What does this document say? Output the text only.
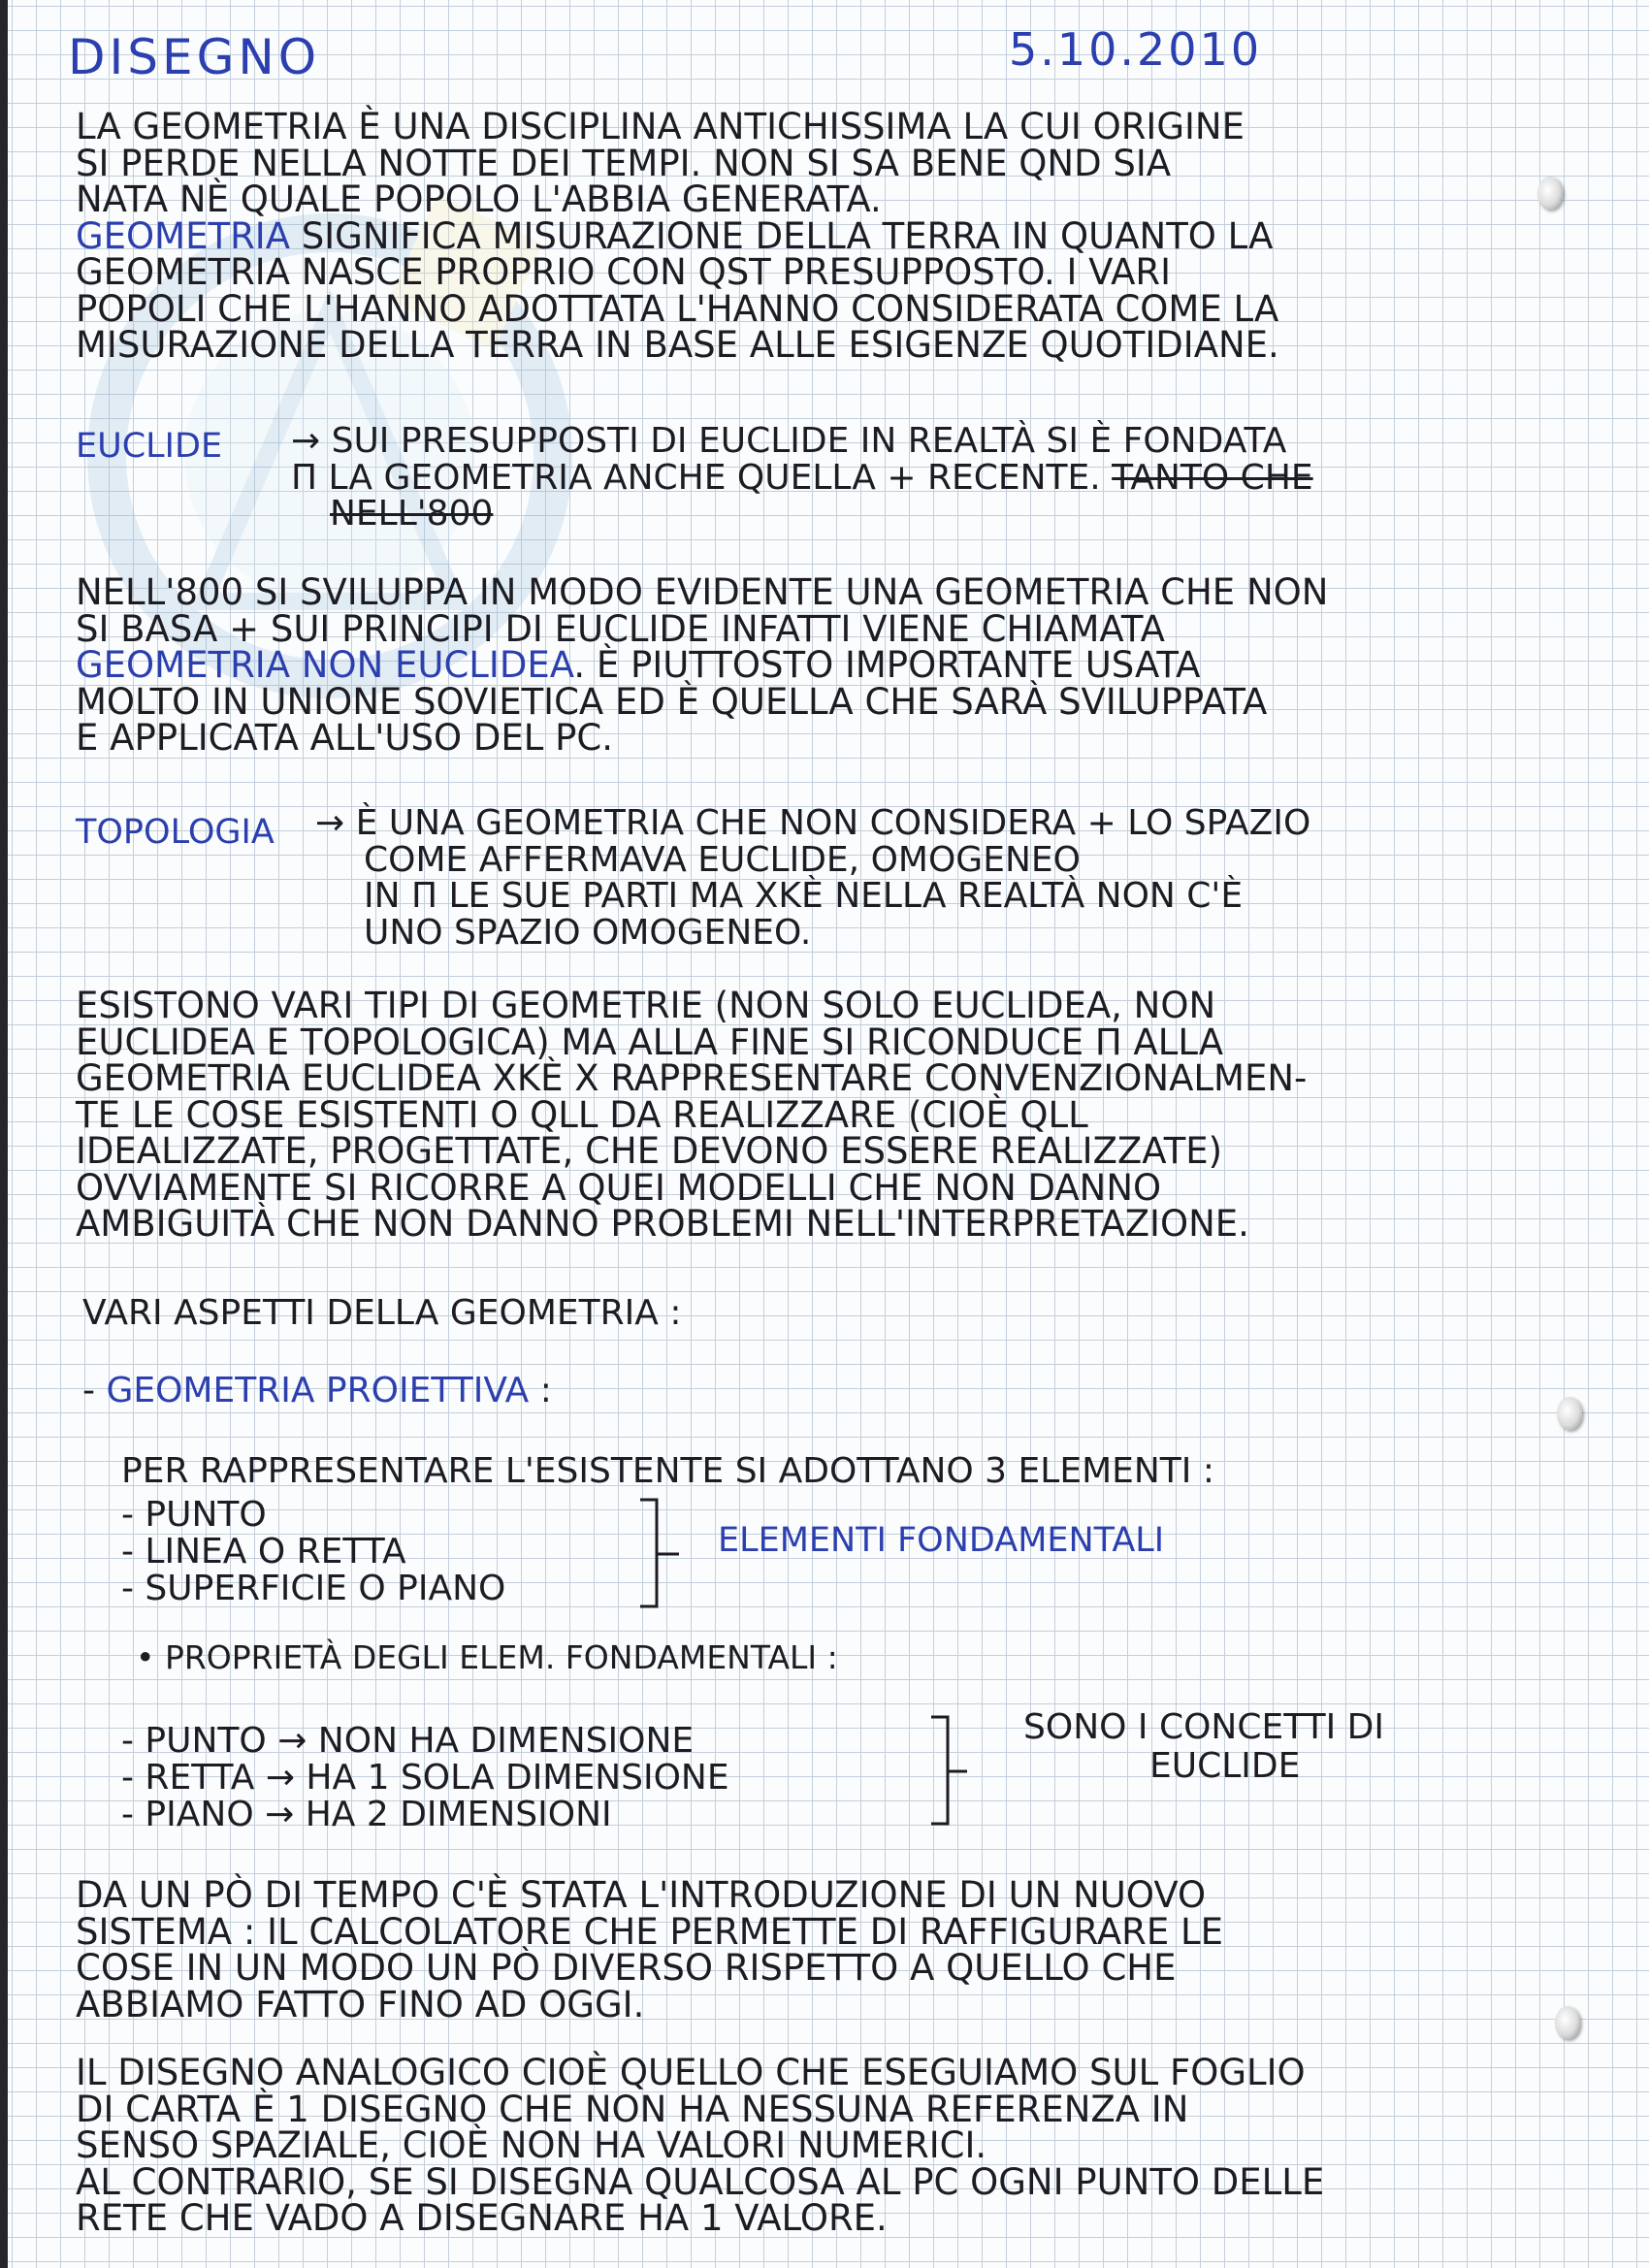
DISEGNO	5.10.2010
LA GEOMETRIA È UNA DISCIPLINA ANTICHISSIMA LA CUI ORIGINE
SI PERDE NELLA NOTTE DEI TEMPI. NON SI SA BENE QND SIA
NATA NÈ QUALE POPOLO L'ABBIA GENERATA.
GEOMETRIA SIGNIFICA MISURAZIONE DELLA TERRA IN QUANTO LA
GEOMETRIA NASCE PROPRIO CON QST PRESUPPOSTO. I VARI
POPOLI CHE L'HANNO ADOTTATA L'HANNO CONSIDERATA COME LA
MISURAZIONE DELLA TERRA IN BASE ALLE ESIGENZE QUOTIDIANE.
EUCLIDE → SUI PRESUPPOSTI DI EUCLIDE IN REALTÀ SI È FONDATA
Π LA GEOMETRIA ANCHE QUELLA + RECENTE. TANTO CHE
NELL'800
NELL'800 SI SVILUPPA IN MODO EVIDENTE UNA GEOMETRIA CHE NON
SI BASA + SUI PRINCIPI DI EUCLIDE INFATTI VIENE CHIAMATA
GEOMETRIA NON EUCLIDEA. È PIUTTOSTO IMPORTANTE USATA
MOLTO IN UNIONE SOVIETICA ED È QUELLA CHE SARÀ SVILUPPATA
E APPLICATA ALL'USO DEL PC.
TOPOLOGIA → È UNA GEOMETRIA CHE NON CONSIDERA + LO SPAZIO
COME AFFERMAVA EUCLIDE, OMOGENEO
IN Π LE SUE PARTI MA XKÈ NELLA REALTÀ NON C'È
UNO SPAZIO OMOGENEO.
ESISTONO VARI TIPI DI GEOMETRIE (NON SOLO EUCLIDEA, NON
EUCLIDEA E TOPOLOGICA) MA ALLA FINE SI RICONDUCE Π ALLA
GEOMETRIA EUCLIDEA XKÈ X RAPPRESENTARE CONVENZIONALMEN-
TE LE COSE ESISTENTI O QLL DA REALIZZARE (CIOÈ QLL
IDEALIZZATE, PROGETTATE, CHE DEVONO ESSERE REALIZZATE)
OVVIAMENTE SI RICORRE A QUEI MODELLI CHE NON DANNO
AMBIGUITÀ CHE NON DANNO PROBLEMI NELL'INTERPRETAZIONE.
VARI ASPETTI DELLA GEOMETRIA :
- GEOMETRIA PROIETTIVA :
PER RAPPRESENTARE L'ESISTENTE SI ADOTTANO 3 ELEMENTI :
- PUNTO
- LINEA O RETTA
- SUPERFICIE O PIANO
ELEMENTI FONDAMENTALI
• PROPRIETÀ DEGLI ELEM. FONDAMENTALI :
- PUNTO → NON HA DIMENSIONE
- RETTA → HA 1 SOLA DIMENSIONE
- PIANO → HA 2 DIMENSIONI
SONO I CONCETTI DI
EUCLIDE
DA UN PÒ DI TEMPO C'È STATA L'INTRODUZIONE DI UN NUOVO
SISTEMA : IL CALCOLATORE CHE PERMETTE DI RAFFIGURARE LE
COSE IN UN MODO UN PÒ DIVERSO RISPETTO A QUELLO CHE
ABBIAMO FATTO FINO AD OGGI.
IL DISEGNO ANALOGICO CIOÈ QUELLO CHE ESEGUIAMO SUL FOGLIO
DI CARTA È 1 DISEGNO CHE NON HA NESSUNA REFERENZA IN
SENSO SPAZIALE, CIOÈ NON HA VALORI NUMERICI.
AL CONTRARIO, SE SI DISEGNA QUALCOSA AL PC OGNI PUNTO DELLE
RETE CHE VADO A DISEGNARE HA 1 VALORE.
